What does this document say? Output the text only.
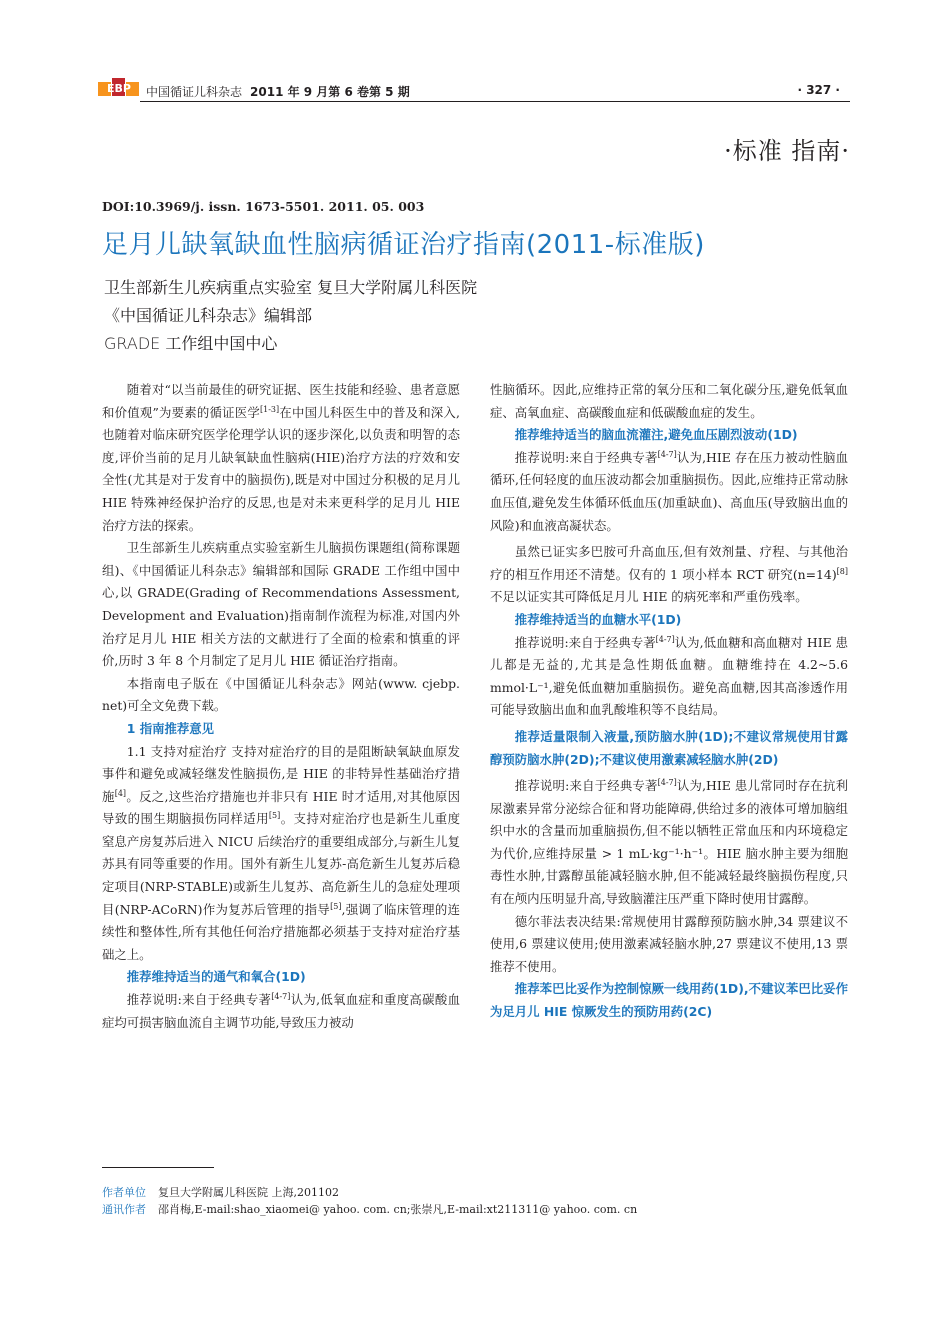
EBP 中国循证儿科杂志 2011 年 9 月第 6 卷第 5 期	· 327 ·
·标准 指南·
DOI:10.3969/j. issn. 1673-5501. 2011. 05. 003
足月儿缺氧缺血性脑病循证治疗指南(2011-标准版)
卫生部新生儿疾病重点实验室 复旦大学附属儿科医院
《中国循证儿科杂志》编辑部
GRADE 工作组中国中心

随着对“以当前最佳的研究证据、医生技能和经验、患者意愿和价值观”为要素的循证医学[1-3]在中国儿科医生中的普及和深入,也随着对临床研究医学伦理学认识的逐步深化,以负责和明智的态度,评价当前的足月儿缺氧缺血性脑病(HIE)治疗方法的疗效和安全性(尤其是对于发育中的脑损伤),既是对中国过分积极的足月儿 HIE 特殊神经保护治疗的反思,也是对未来更科学的足月儿 HIE 治疗方法的探索。

卫生部新生儿疾病重点实验室新生儿脑损伤课题组(简称课题组)、《中国循证儿科杂志》编辑部和国际 GRADE 工作组中国中心,以 GRADE(Grading of Recommendations Assessment, Development and Evaluation)指南制作流程为标准,对国内外治疗足月儿 HIE 相关方法的文献进行了全面的检索和慎重的评价,历时 3 年 8 个月制定了足月儿 HIE 循证治疗指南。

本指南电子版在《中国循证儿科杂志》网站(www. cjebp. net)可全文免费下载。

1 指南推荐意见

1.1 支持对症治疗 支持对症治疗的目的是阻断缺氧缺血原发事件和避免或减轻继发性脑损伤,是 HIE 的非特异性基础治疗措施[4]。反之,这些治疗措施也并非只有 HIE 时才适用,对其他原因导致的围生期脑损伤同样适用[5]。支持对症治疗也是新生儿重度窒息产房复苏后进入 NICU 后续治疗的重要组成部分,与新生儿复苏具有同等重要的作用。国外有新生儿复苏-高危新生儿复苏后稳定项目(NRP-STABLE)或新生儿复苏、高危新生儿的急症处理项目(NRP-ACoRN)作为复苏后管理的指导[5],强调了临床管理的连续性和整体性,所有其他任何治疗措施都必须基于支持对症治疗基础之上。

推荐维持适当的通气和氧合(1D)

推荐说明:来自于经典专著[4-7]认为,低氧血症和重度高碳酸血症均可损害脑血流自主调节功能,导致压力被动

性脑循环。因此,应维持正常的氧分压和二氧化碳分压,避免低氧血症、高氧血症、高碳酸血症和低碳酸血症的发生。

推荐维持适当的脑血流灌注,避免血压剧烈波动(1D)

推荐说明:来自于经典专著[4-7]认为,HIE 存在压力被动性脑血循环,任何轻度的血压波动都会加重脑损伤。因此,应维持正常动脉血压值,避免发生体循环低血压(加重缺血)、高血压(导致脑出血的风险)和血液高凝状态。

虽然已证实多巴胺可升高血压,但有效剂量、疗程、与其他治疗的相互作用还不清楚。仅有的 1 项小样本 RCT 研究(n=14)[8]不足以证实其可降低足月儿 HIE 的病死率和严重伤残率。

推荐维持适当的血糖水平(1D)

推荐说明:来自于经典专著[4-7]认为,低血糖和高血糖对 HIE 患儿都是无益的,尤其是急性期低血糖。血糖维持在 4.2~5.6 mmol·L⁻¹,避免低血糖加重脑损伤。避免高血糖,因其高渗透作用可能导致脑出血和血乳酸堆积等不良结局。

推荐适量限制入液量,预防脑水肿(1D);不建议常规使用甘露醇预防脑水肿(2D);不建议使用激素减轻脑水肿(2D)

推荐说明:来自于经典专著[4-7]认为,HIE 患儿常同时存在抗利尿激素异常分泌综合征和肾功能障碍,供给过多的液体可增加脑组织中水的含量而加重脑损伤,但不能以牺牲正常血压和内环境稳定为代价,应维持尿量 > 1 mL·kg⁻¹·h⁻¹。HIE 脑水肿主要为细胞毒性水肿,甘露醇虽能减轻脑水肿,但不能减轻最终脑损伤程度,只有在颅内压明显升高,导致脑灌注压严重下降时使用甘露醇。

德尔菲法表决结果:常规使用甘露醇预防脑水肿,34 票建议不使用,6 票建议使用;使用激素减轻脑水肿,27 票建议不使用,13 票推荐不使用。

推荐苯巴比妥作为控制惊厥一线用药(1D),不建议苯巴比妥作为足月儿 HIE 惊厥发生的预防用药(2C)

作者单位 复旦大学附属儿科医院 上海,201102
通讯作者 邵肖梅,E-mail:shao_xiaomei@ yahoo. com. cn;张崇凡,E-mail:xt211311@ yahoo. com. cn
